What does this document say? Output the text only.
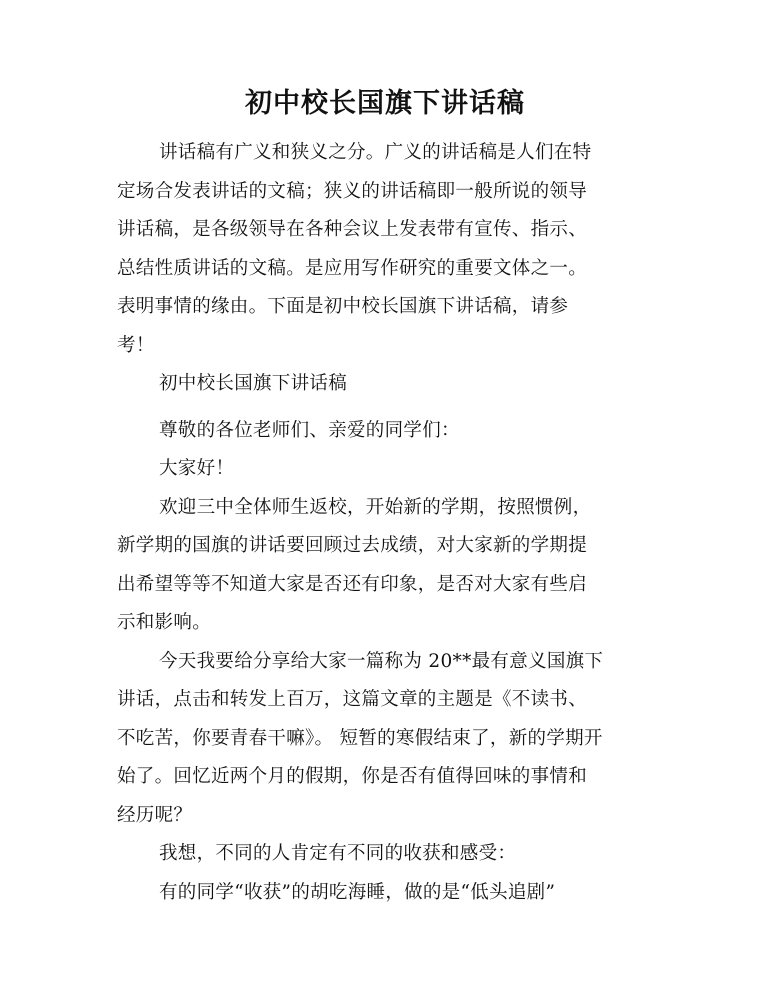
初中校长国旗下讲话稿
讲话稿有广义和狭义之分。广义的讲话稿是人们在特
定场合发表讲话的文稿；狭义的讲话稿即一般所说的领导
讲话稿，是各级领导在各种会议上发表带有宣传、指示、
总结性质讲话的文稿。是应用写作研究的重要文体之一。
表明事情的缘由。下面是初中校长国旗下讲话稿，请参
考！
初中校长国旗下讲话稿
尊敬的各位老师们、亲爱的同学们：
大家好！
欢迎三中全体师生返校，开始新的学期，按照惯例，
新学期的国旗的讲话要回顾过去成绩，对大家新的学期提
出希望等等不知道大家是否还有印象，是否对大家有些启
示和影响。
今天我要给分享给大家一篇称为 20**最有意义国旗下
讲话，点击和转发上百万，这篇文章的主题是《不读书、
不吃苦，你要青春干嘛》。 短暂的寒假结束了，新的学期开
始了。回忆近两个月的假期，你是否有值得回味的事情和
经历呢？
我想，不同的人肯定有不同的收获和感受：
有的同学“收获”的胡吃海睡，做的是“低头追剧”
